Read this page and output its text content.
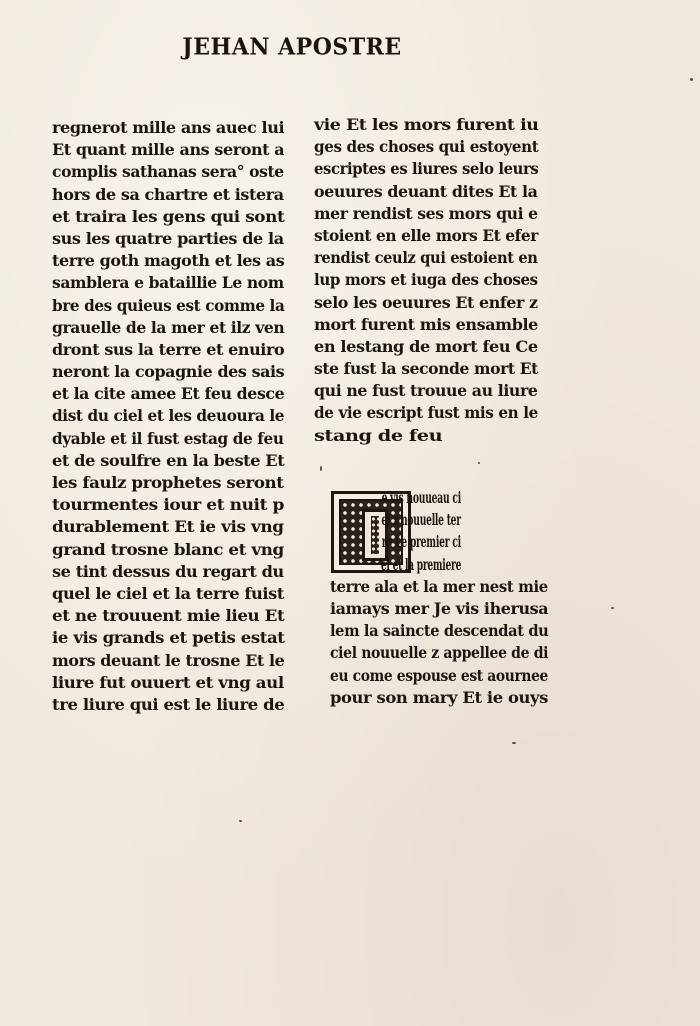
JEHAN APOSTRE
regnerot mille ans auec lui
Et quant mille ans seront a
complis sathanas sera° oste
hors de sa chartre et istera
et traira les gens qui sont
sus les quatre parties de la
terre goth magoth et les as
samblera e bataillie Le nom
bre des quieus est comme la
grauelle de la mer et ilz ven
dront sus la terre et enuiro
neront la copagnie des sais
et la cite amee Et feu desce
dist du ciel et les deuoura le
dyable et il fust estag de feu
et de soulfre en la beste Et
les faulz prophetes seront
tourmentes iour et nuit p
durablement Et ie vis vng
grand trosne blanc et vng
se tint dessus du regart du
quel le ciel et la terre fuist
et ne trouuent mie lieu Et
ie vis grands et petis estat
mors deuant le trosne Et le
liure fut ouuert et vng aul
tre liure qui est le liure de
vie Et les mors furent iu
ges des choses qui estoyent
escriptes es liures selo leurs
oeuures deuant dites Et la
mer rendist ses mors qui e
stoient en elle mors Et efer
rendist ceulz qui estoient en
lup mors et iuga des choses
selo les oeuures Et enfer z
mort furent mis ensamble
en lestang de mort feu Ce
ste fust la seconde mort Et
qui ne fust trouue au liure
de vie escript fust mis en le
stang de feu
e vis nouueau ci
el z nouuelle ter
re Le premier ci
el et la premiere
terre ala et la mer nest mie
iamays mer Je vis iherusa
lem la saincte descendat du
ciel nouuelle z appellee de di
eu come espouse est aournee
pour son mary Et ie ouys
